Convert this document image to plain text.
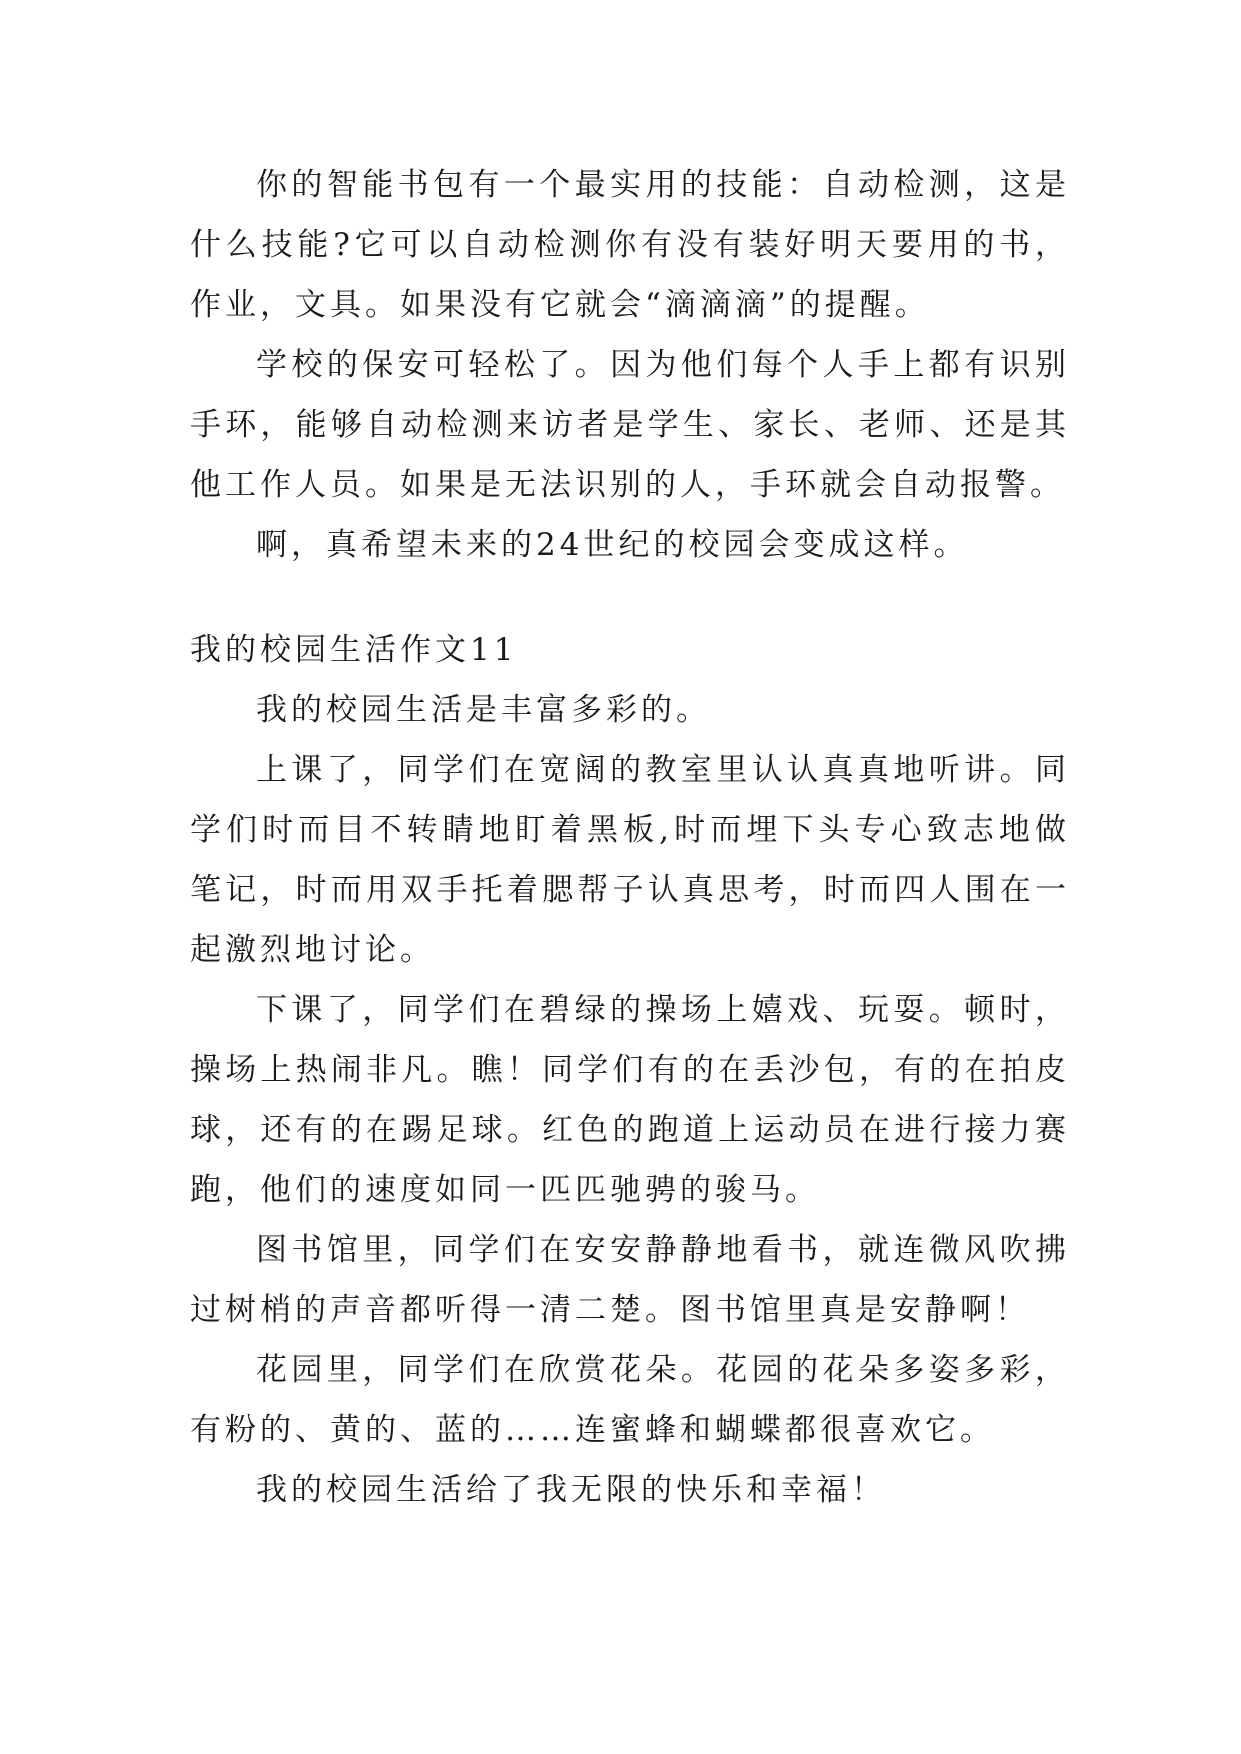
你的智能书包有一个最实用的技能：自动检测，这是什么技能?它可以自动检测你有没有装好明天要用的书，作业，文具。如果没有它就会“滴滴滴”的提醒。

学校的保安可轻松了。因为他们每个人手上都有识别手环，能够自动检测来访者是学生、家长、老师、还是其他工作人员。如果是无法识别的人，手环就会自动报警。

啊，真希望未来的24世纪的校园会变成这样。

我的校园生活作文11

我的校园生活是丰富多彩的。

上课了，同学们在宽阔的教室里认认真真地听讲。同学们时而目不转睛地盯着黑板,时而埋下头专心致志地做笔记，时而用双手托着腮帮子认真思考，时而四人围在一起激烈地讨论。

下课了，同学们在碧绿的操场上嬉戏、玩耍。顿时，操场上热闹非凡。瞧！同学们有的在丢沙包，有的在拍皮球，还有的在踢足球。红色的跑道上运动员在进行接力赛跑，他们的速度如同一匹匹驰骋的骏马。

图书馆里，同学们在安安静静地看书，就连微风吹拂过树梢的声音都听得一清二楚。图书馆里真是安静啊！

花园里，同学们在欣赏花朵。花园的花朵多姿多彩，有粉的、黄的、蓝的……连蜜蜂和蝴蝶都很喜欢它。

我的校园生活给了我无限的快乐和幸福！
